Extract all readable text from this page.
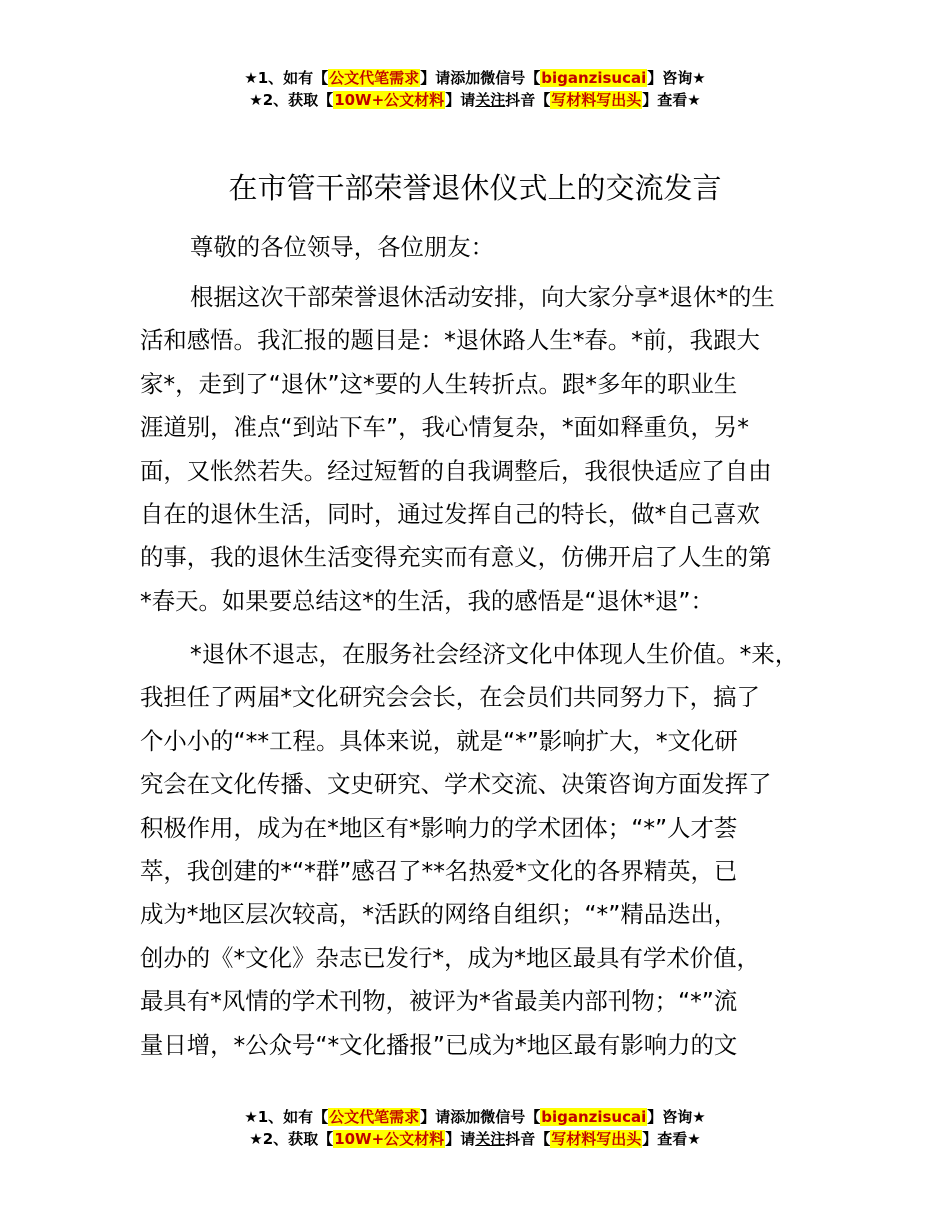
★1、如有【公文代笔需求】请添加微信号【biganzisucai】咨询★
★2、获取【10W+公文材料】请关注抖音【写材料写出头】查看★
在市管干部荣誉退休仪式上的交流发言
尊敬的各位领导，各位朋友：
根据这次干部荣誉退休活动安排，向大家分享*退休*的生
活和感悟。我汇报的题目是：*退休路人生*春。*前，我跟大
家*，走到了“退休”这*要的人生转折点。跟*多年的职业生
涯道别，准点“到站下车”，我心情复杂，*面如释重负，另*
面，又怅然若失。经过短暂的自我调整后，我很快适应了自由
自在的退休生活，同时，通过发挥自己的特长，做*自己喜欢
的事，我的退休生活变得充实而有意义，仿佛开启了人生的第
*春天。如果要总结这*的生活，我的感悟是“退休*退”：
*退休不退志，在服务社会经济文化中体现人生价值。*来，
我担任了两届*文化研究会会长，在会员们共同努力下，搞了
个小小的“**工程。具体来说，就是“*”影响扩大，*文化研
究会在文化传播、文史研究、学术交流、决策咨询方面发挥了
积极作用，成为在*地区有*影响力的学术团体；“*”人才荟
萃，我创建的*“*群”感召了**名热爱*文化的各界精英，已
成为*地区层次较高，*活跃的网络自组织；“*”精品迭出，
创办的《*文化》杂志已发行*，成为*地区最具有学术价值，
最具有*风情的学术刊物，被评为*省最美内部刊物；“*”流
量日增，*公众号“*文化播报”已成为*地区最有影响力的文
★1、如有【公文代笔需求】请添加微信号【biganzisucai】咨询★
★2、获取【10W+公文材料】请关注抖音【写材料写出头】查看★
